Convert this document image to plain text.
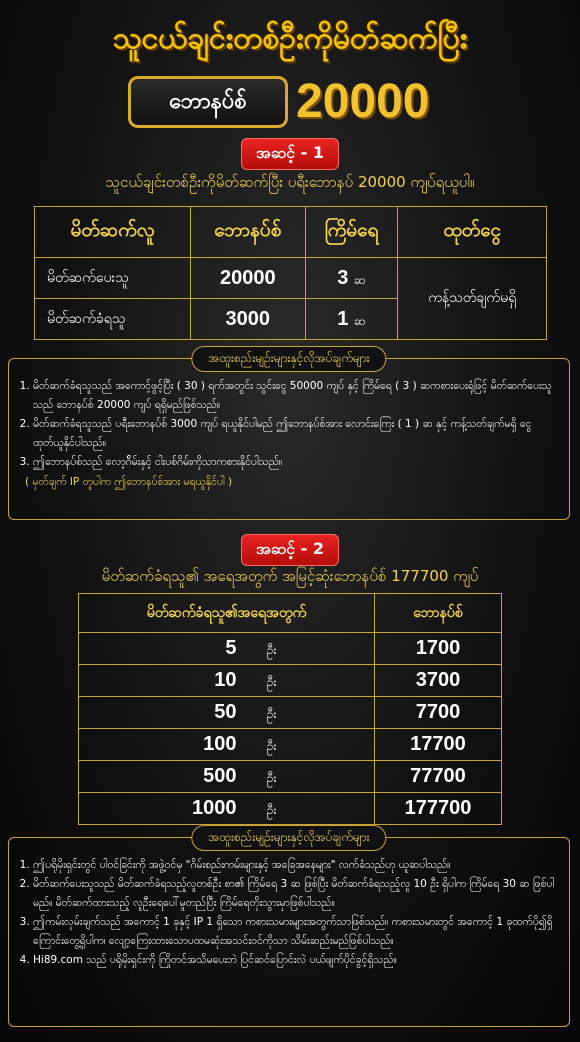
သူငယ်ချင်းတစ်ဦးကိုမိတ်ဆက်ပြီး
ဘောနပ်စ် 20000
အဆင့် - 1
သူငယ်ချင်းတစ်ဦးကိုမိတ်ဆက်ပြီး ပရီးဘောနပ် 20000 ကျပ်ရယူပါ။
မိတ်ဆက်လူ	ဘောနပ်စ်	ကြိမ်ရေ	ထုတ်ငွေ
မိတ်ဆက်ပေးသူ	20000	3 ဆ	ကန့်သတ်ချက်မရှိ
မိတ်ဆက်ခံရသူ	3000	1 ဆ	
အထူးစည်းမျဉ်းများနှင့်လိုအပ်ချက်များ
1. မိတ်ဆက်ခံရသူသည် အကောင့်ဖွင့်ပြီး ( 30 ) ရက်အတွင်း သွင်းငွေ 50000 ကျပ် နှင့် ကြိမ်ရေ ( 3 ) ဆကစားပေးရုံဖြင့် မိတ်ဆက်ပေးသူသည် ဘောနပ်စ် 20000 ကျပ် ရရှိမည်ဖြစ်သည်။
2. မိတ်ဆက်ခံရသူသည် ပရီးဘောနပ်စ် 3000 ကျပ် ရယူနိုင်ပါမည် ဤဘောနပ်စ်အား လောင်းကြေး ( 1 ) ဆ နှင့် ကန့်သတ်ချက်မရှိ ငွေထုတ်ယူနိုင်ပါသည်။
3. ဤဘောနပ်စ်သည် လော့ဂ်ိမ်းနှင့် ငါးပစ်ဂိမ်းကိုသာကစားနိုင်ပါသည်။
( မှတ်ချက် IP တူပါက ဤဘောနပ်စ်အား မရယူနိုင်ပါ )
အဆင့် - 2
မိတ်ဆက်ခံရသူ၏ အရေအတွက် အမြင့်ဆုံးဘောနပ်စ် 177700 ကျပ်
မိတ်ဆက်ခံရသူ၏အရေအတွက်	ဘောနပ်စ်
5 ဦး	1700
10 ဦး	3700
50 ဦး	7700
100 ဦး	17700
500 ဦး	77700
1000 ဦး	177700
အထူးစည်းမျဉ်းများနှင့်လိုအပ်ချက်များ
1. ဤပရိုမိုးရှင်းတွင် ပါဝင်ခြင်းကို အဖွဲ့ဝင်မှ "ဂိမ်းစည်းကမ်းများနှင့် အခြေအနေများ" လက်ခံသည်ဟု ယူဆပါသည်။
2. မိတ်ဆက်ပေးသူသည် မိတ်ဆက်ခံရသည့်လူတစ်ဦး စာ၏ ကြိမ်ရေ 3 ဆ ဖြစ်ပြီး မိတ်ဆက်ခံရသည့်လူ 10 ဦး ရှိပါက ကြိမ်ရေ 30 ဆ ဖြစ်ပါမည်။ မိတ်ဆက်ထားသည့် လူဦးရေပေါ်မူတည်ပြီး ကြိမ်ရေတိုးသွားမှာဖြစ်ပါသည်။
3. ဤကမ်းလှမ်းချက်သည် အကောင့် 1 ခုနှင့် IP 1 ရှိသော ကစားသမားများအတွက်သာဖြစ်သည်။ ကစားသမားတွင် အကောင့် 1 ခုထက်ပို၍ရှိကြောင်းတွေ့ရှိပါက၊ လျော့ကြေးထားသောပထမဆုံးအသင်းဝင်ကိုသာ သိမ်းဆည်းမည်ဖြစ်ပါသည်။
4. Hi89.com သည် ပရိုမိုးရှင်းကို ကြိုတင်အသိမပေးဘဲ ပြင်ဆင်ပြောင်းလဲ ပယ်ဖျက်ပိုင်ခွင့်ရှိသည်။
